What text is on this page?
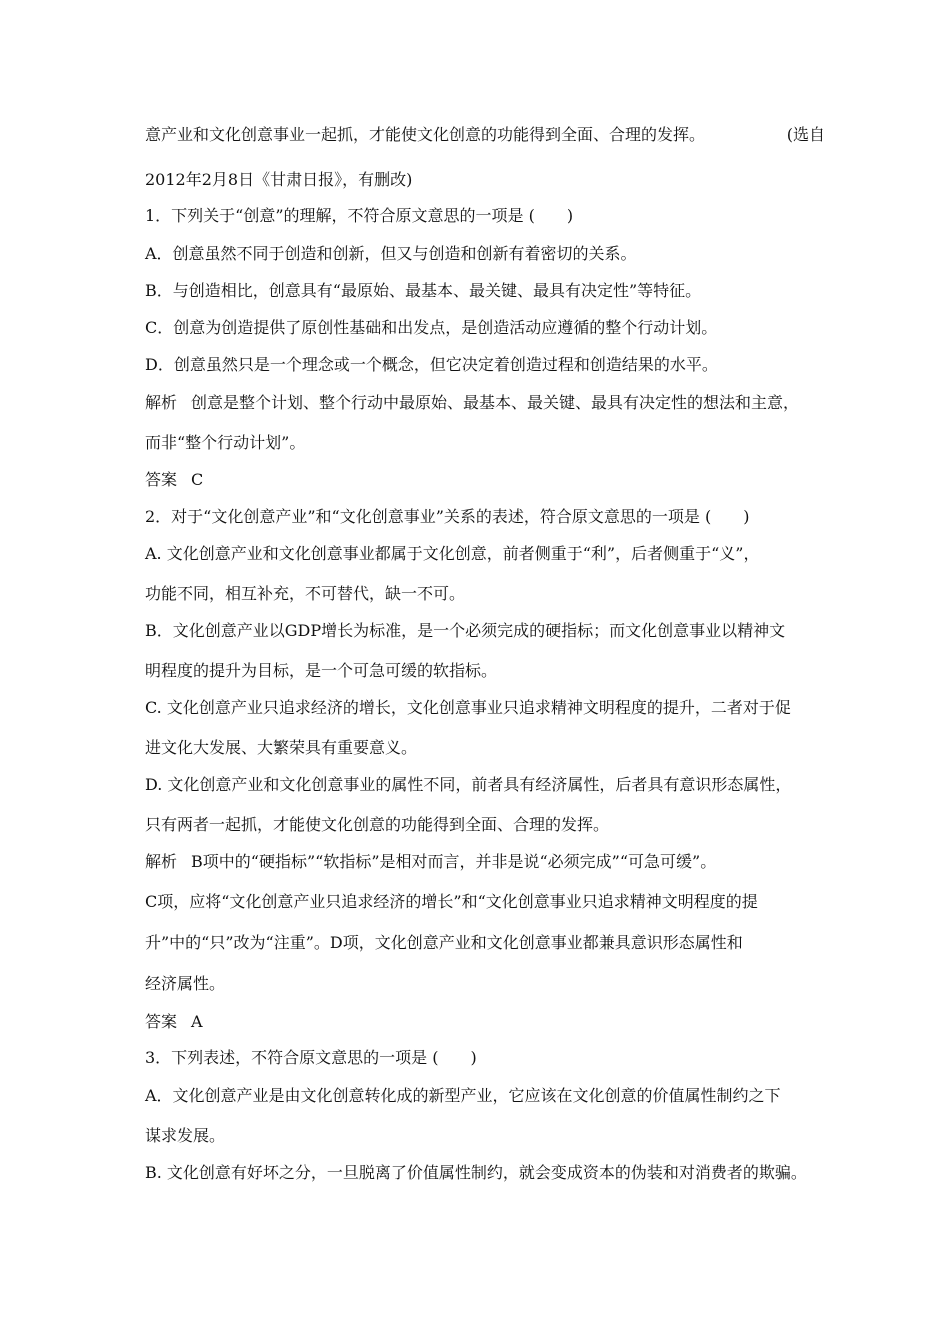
意产业和文化创意事业一起抓，才能使文化创意的功能得到全面、合理的发挥。	(选自
2012年2月8日《甘肃日报》，有删改)
1．下列关于“创意”的理解，不符合原文意思的一项是 (　　)
A．创意虽然不同于创造和创新，但又与创造和创新有着密切的关系。
B．与创造相比，创意具有“最原始、最基本、最关键、最具有决定性”等特征。
C．创意为创造提供了原创性基础和出发点，是创造活动应遵循的整个行动计划。
D．创意虽然只是一个理念或一个概念，但它决定着创造过程和创造结果的水平。
解析 创意是整个计划、整个行动中最原始、最基本、最关键、最具有决定性的想法和主意，
而非“整个行动计划”。
答案 C
2．对于“文化创意产业”和“文化创意事业”关系的表述，符合原文意思的一项是 (　　)
A. 文化创意产业和文化创意事业都属于文化创意，前者侧重于“利”，后者侧重于“义”，
功能不同，相互补充，不可替代，缺一不可。
B．文化创意产业以GDP增长为标准，是一个必须完成的硬指标；而文化创意事业以精神文
明程度的提升为目标，是一个可急可缓的软指标。
C. 文化创意产业只追求经济的增长，文化创意事业只追求精神文明程度的提升，二者对于促
进文化大发展、大繁荣具有重要意义。
D. 文化创意产业和文化创意事业的属性不同，前者具有经济属性，后者具有意识形态属性，
只有两者一起抓，才能使文化创意的功能得到全面、合理的发挥。
解析 B项中的“硬指标”“软指标”是相对而言，并非是说“必须完成”“可急可缓”。
C项，应将“文化创意产业只追求经济的增长”和“文化创意事业只追求精神文明程度的提
升”中的“只”改为“注重”。D项，文化创意产业和文化创意事业都兼具意识形态属性和
经济属性。
答案 A
3．下列表述，不符合原文意思的一项是 (　　)
A．文化创意产业是由文化创意转化成的新型产业，它应该在文化创意的价值属性制约之下
谋求发展。
B. 文化创意有好坏之分，一旦脱离了价值属性制约，就会变成资本的伪装和对消费者的欺骗。
